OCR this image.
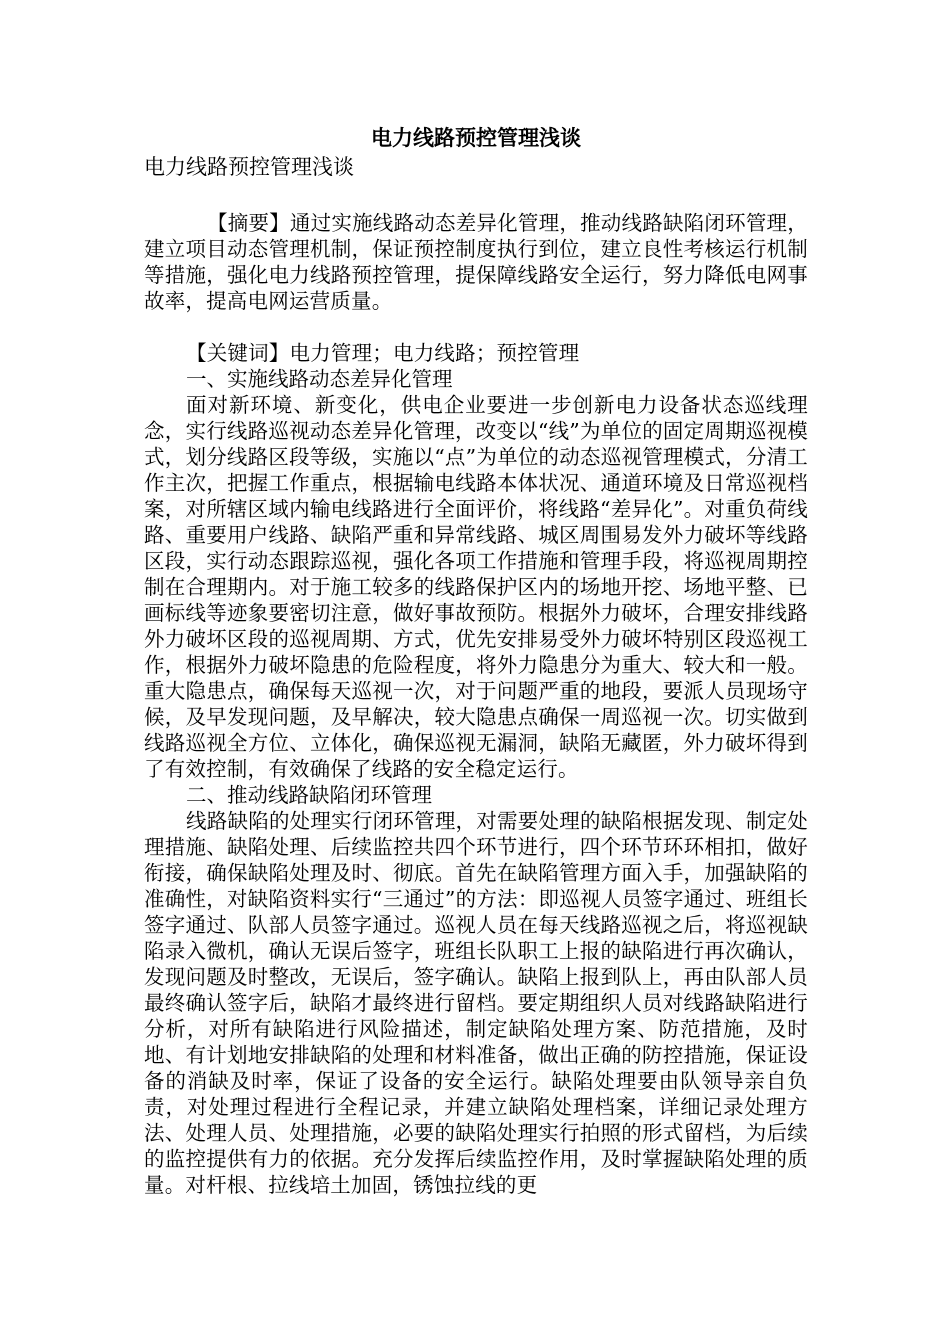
电力线路预控管理浅谈

电力线路预控管理浅谈

【摘要】通过实施线路动态差异化管理，推动线路缺陷闭环管理，建立项目动态管理机制，保证预控制度执行到位，建立良性考核运行机制等措施，强化电力线路预控管理，提保障线路安全运行，努力降低电网事故率，提高电网运营质量。

【关键词】电力管理；电力线路；预控管理

一、实施线路动态差异化管理

面对新环境、新变化，供电企业要进一步创新电力设备状态巡线理念，实行线路巡视动态差异化管理，改变以“线”为单位的固定周期巡视模式，划分线路区段等级，实施以“点”为单位的动态巡视管理模式，分清工作主次，把握工作重点，根据输电线路本体状况、通道环境及日常巡视档案，对所辖区域内输电线路进行全面评价，将线路“差异化”。对重负荷线路、重要用户线路、缺陷严重和异常线路、城区周围易发外力破坏等线路区段，实行动态跟踪巡视，强化各项工作措施和管理手段，将巡视周期控制在合理期内。对于施工较多的线路保护区内的场地开挖、场地平整、已画标线等迹象要密切注意，做好事故预防。根据外力破坏，合理安排线路外力破坏区段的巡视周期、方式，优先安排易受外力破坏特别区段巡视工作，根据外力破坏隐患的危险程度，将外力隐患分为重大、较大和一般。重大隐患点，确保每天巡视一次，对于问题严重的地段，要派人员现场守候，及早发现问题，及早解决，较大隐患点确保一周巡视一次。切实做到线路巡视全方位、立体化，确保巡视无漏洞，缺陷无藏匿，外力破坏得到了有效控制，有效确保了线路的安全稳定运行。

二、推动线路缺陷闭环管理

线路缺陷的处理实行闭环管理，对需要处理的缺陷根据发现、制定处理措施、缺陷处理、后续监控共四个环节进行，四个环节环环相扣，做好衔接，确保缺陷处理及时、彻底。首先在缺陷管理方面入手，加强缺陷的准确性，对缺陷资料实行“三通过”的方法：即巡视人员签字通过、班组长签字通过、队部人员签字通过。巡视人员在每天线路巡视之后，将巡视缺陷录入微机，确认无误后签字，班组长队职工上报的缺陷进行再次确认，发现问题及时整改，无误后，签字确认。缺陷上报到队上，再由队部人员最终确认签字后，缺陷才最终进行留档。要定期组织人员对线路缺陷进行分析，对所有缺陷进行风险描述，制定缺陷处理方案、防范措施，及时地、有计划地安排缺陷的处理和材料准备，做出正确的防控措施，保证设备的消缺及时率，保证了设备的安全运行。缺陷处理要由队领导亲自负责，对处理过程进行全程记录，并建立缺陷处理档案，详细记录处理方法、处理人员、处理措施，必要的缺陷处理实行拍照的形式留档，为后续的监控提供有力的依据。充分发挥后续监控作用，及时掌握缺陷处理的质量。对杆根、拉线培土加固，锈蚀拉线的更
